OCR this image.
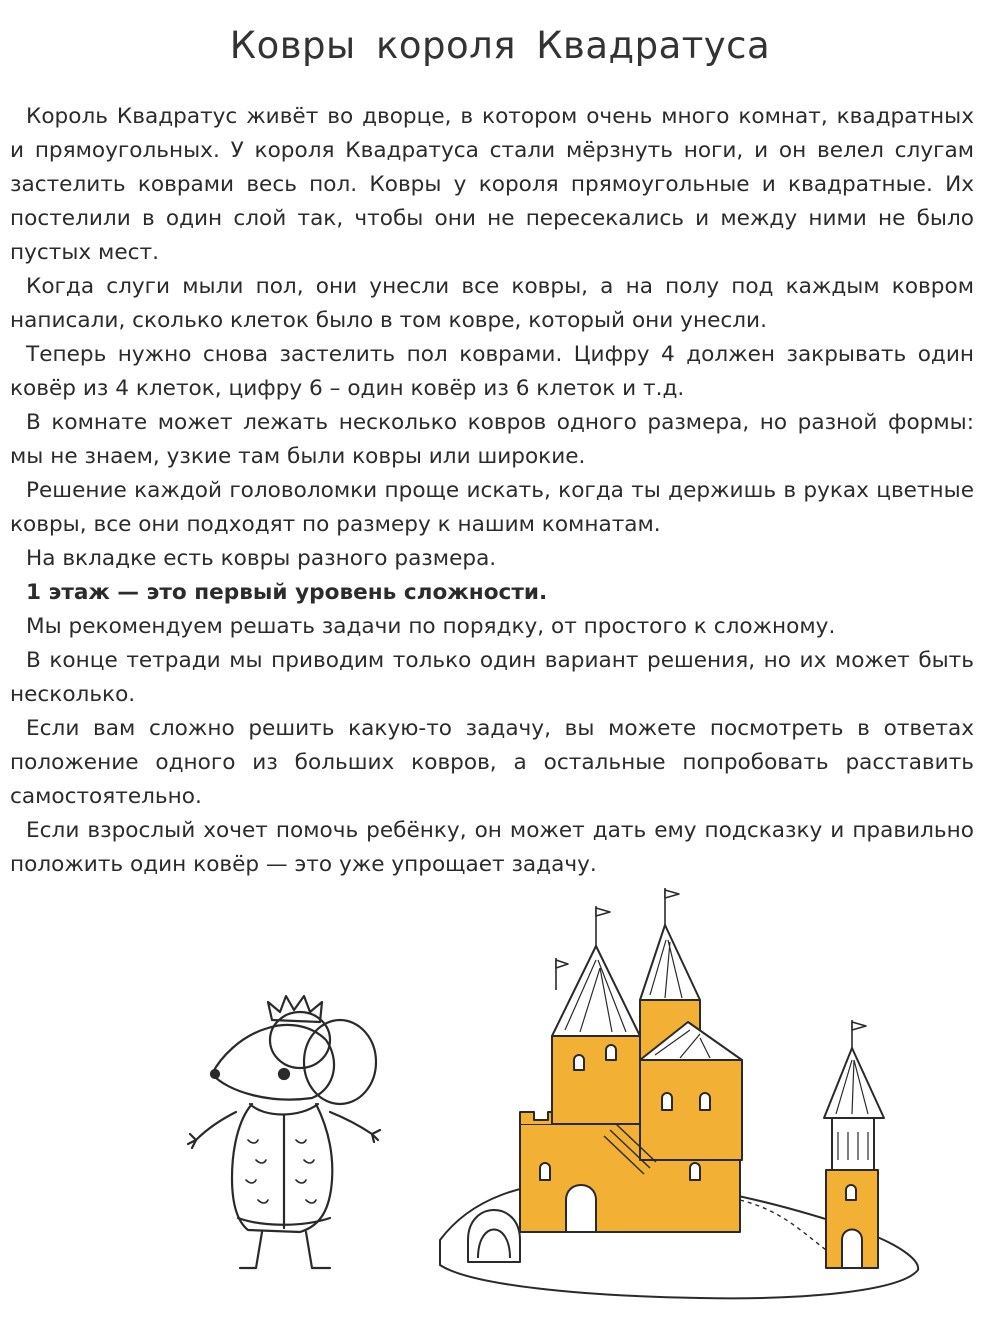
Ковры короля Квадратуса

Король Квадратус живёт во дворце, в котором очень много комнат, квадратных и прямоугольных. У короля Квадратуса стали мёрзнуть ноги, и он велел слугам застелить коврами весь пол. Ковры у короля прямоугольные и квадратные. Их постелили в один слой так, чтобы они не пересекались и между ними не было пустых мест.

Когда слуги мыли пол, они унесли все ковры, а на полу под каждым ковром написали, сколько клеток было в том ковре, который они унесли.

Теперь нужно снова застелить пол коврами. Цифру 4 должен закрывать один ковёр из 4 клеток, цифру 6 – один ковёр из 6 клеток и т.д.

В комнате может лежать несколько ковров одного размера, но разной формы: мы не знаем, узкие там были ковры или широкие.

Решение каждой головоломки проще искать, когда ты держишь в руках цветные ковры, все они подходят по размеру к нашим комнатам.

На вкладке есть ковры разного размера.

1 этаж — это первый уровень сложности.

Мы рекомендуем решать задачи по порядку, от простого к сложному.

В конце тетради мы приводим только один вариант решения, но их может быть несколько.

Если вам сложно решить какую-то задачу, вы можете посмотреть в ответах положение одного из больших ковров, а остальные попробовать расставить самостоятельно.

Если взрослый хочет помочь ребёнку, он может дать ему подсказку и правильно положить один ковёр — это уже упрощает задачу.
